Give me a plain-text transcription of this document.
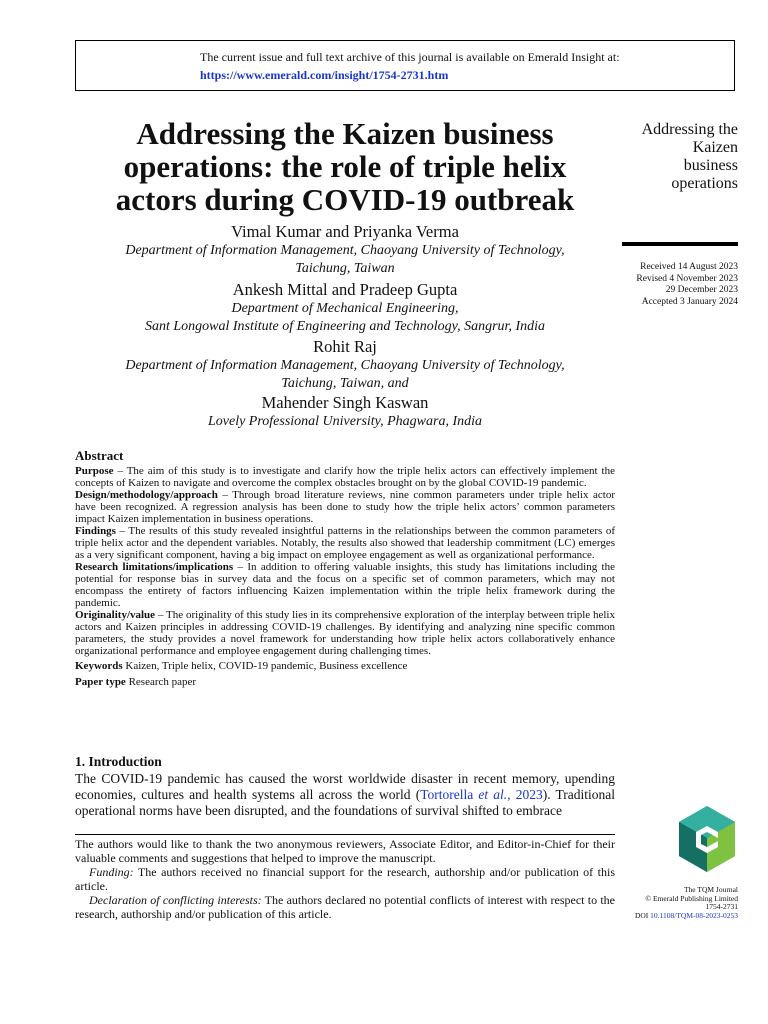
The current issue and full text archive of this journal is available on Emerald Insight at:
https://www.emerald.com/insight/1754-2731.htm
Addressing the Kaizen business
operations: the role of triple helix
actors during COVID-19 outbreak
Vimal Kumar and Priyanka Verma
Department of Information Management, Chaoyang University of Technology,
Taichung, Taiwan
Ankesh Mittal and Pradeep Gupta
Department of Mechanical Engineering,
Sant Longowal Institute of Engineering and Technology, Sangrur, India
Rohit Raj
Department of Information Management, Chaoyang University of Technology,
Taichung, Taiwan, and
Mahender Singh Kaswan
Lovely Professional University, Phagwara, India
Addressing the
Kaizen
business
operations
Received 14 August 2023
Revised 4 November 2023
29 December 2023
Accepted 3 January 2024
Abstract

Purpose – The aim of this study is to investigate and clarify how the triple helix actors can effectively implement the concepts of Kaizen to navigate and overcome the complex obstacles brought on by the global COVID-19 pandemic.

Design/methodology/approach – Through broad literature reviews, nine common parameters under triple helix actor have been recognized. A regression analysis has been done to study how the triple helix actors’ common parameters impact Kaizen implementation in business operations.

Findings – The results of this study revealed insightful patterns in the relationships between the common parameters of triple helix actor and the dependent variables. Notably, the results also showed that leadership commitment (LC) emerges as a very significant component, having a big impact on employee engagement as well as organizational performance.

Research limitations/implications – In addition to offering valuable insights, this study has limitations including the potential for response bias in survey data and the focus on a specific set of common parameters, which may not encompass the entirety of factors influencing Kaizen implementation within the triple helix framework during the pandemic.

Originality/value – The originality of this study lies in its comprehensive exploration of the interplay between triple helix actors and Kaizen principles in addressing COVID-19 challenges. By identifying and analyzing nine specific common parameters, the study provides a novel framework for understanding how triple helix actors collaboratively enhance organizational performance and employee engagement during challenging times.

Keywords Kaizen, Triple helix, COVID-19 pandemic, Business excellence

Paper type Research paper

1. Introduction

The COVID-19 pandemic has caused the worst worldwide disaster in recent memory, upending economies, cultures and health systems all across the world (Tortorella et al., 2023). Traditional operational norms have been disrupted, and the foundations of survival shifted to embrace

The authors would like to thank the two anonymous reviewers, Associate Editor, and Editor-in-Chief for their valuable comments and suggestions that helped to improve the manuscript.

Funding: The authors received no financial support for the research, authorship and/or publication of this article.

Declaration of conflicting interests: The authors declared no potential conflicts of interest with respect to the research, authorship and/or publication of this article.

The TQM Journal
© Emerald Publishing Limited
1754-2731
DOI 10.1108/TQM-08-2023-0253
